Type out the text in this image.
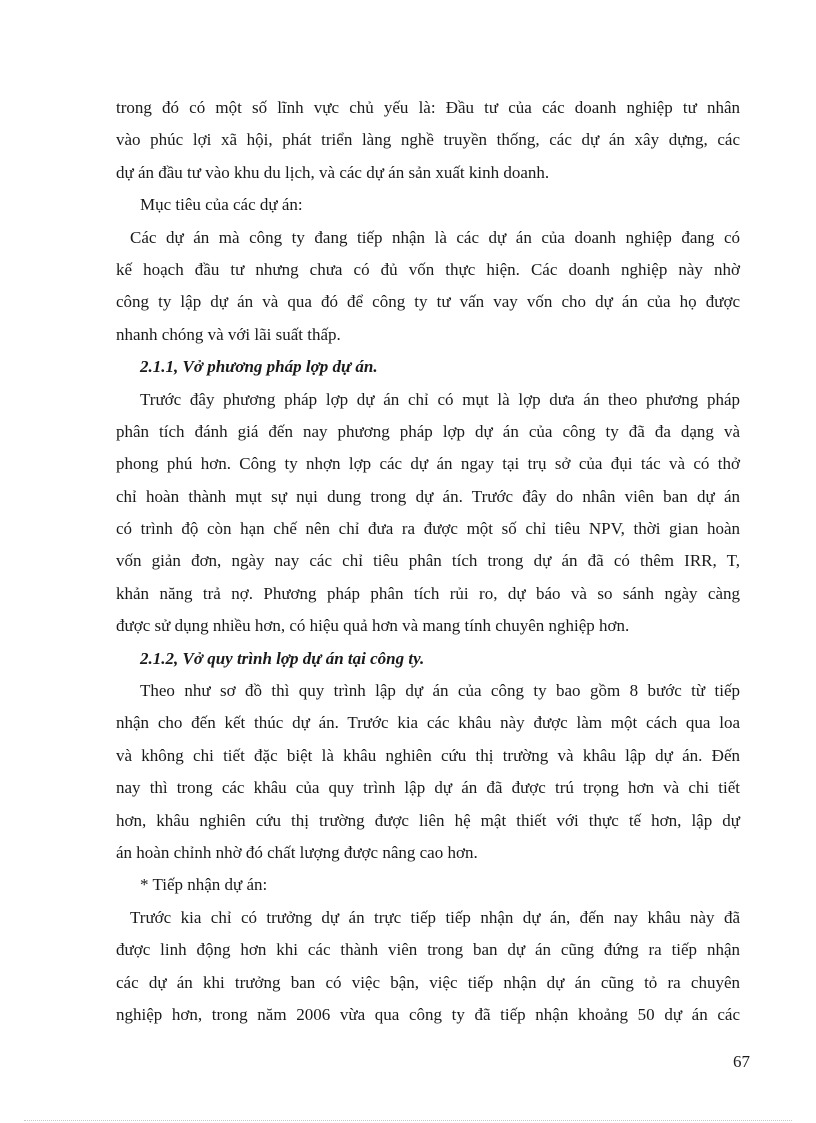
trong đó có một số lĩnh vực chủ yếu là: Đầu tư của các doanh nghiệp tư nhân
vào phúc lợi xã hội, phát triển làng nghề truyền thống, các dự án xây dựng, các
dự án đầu tư vào khu du lịch, và các dự án sản xuất kinh doanh.
Mục tiêu của các dự án:
Các dự án mà công ty đang tiếp nhận là các dự án của doanh nghiệp đang có
kế hoạch đầu tư nhưng chưa có đủ vốn thực hiện. Các doanh nghiệp này nhờ
công ty lập dự án và qua đó để công ty tư vấn vay vốn cho dự án của họ được
nhanh chóng và với lãi suất thấp.
2.1.1, Vở phương pháp lợp dự án.
Trước đây phương pháp lợp dự án chỉ có mụt là lợp dưa án theo phương pháp
phân tích đánh giá đến nay phương pháp lợp dự án của công ty đã đa dạng và
phong phú hơn. Công ty nhợn lợp các dự án ngay tại trụ sở của đụi tác và có thở
chỉ hoàn thành mụt sự nụi dung trong dự án. Trước đây do nhân viên ban dự án
có trình độ còn hạn chế nên chỉ đưa ra được một số chỉ tiêu NPV, thời gian hoàn
vốn giản đơn, ngày nay các chỉ tiêu phân tích trong dự án đã có thêm IRR, T,
khản năng trả nợ. Phương pháp phân tích rủi ro, dự báo và so sánh ngày càng
được sử dụng nhiều hơn, có hiệu quả hơn và mang tính chuyên nghiệp hơn.
2.1.2, Vở quy trình lợp dự án tại công ty.
Theo như sơ đồ thì quy trình lập dự án của công ty bao gồm 8 bước từ tiếp
nhận cho đến kết thúc dự án. Trước kia các khâu này được làm một cách qua loa
và không chi tiết đặc biệt là khâu nghiên cứu thị trường và khâu lập dự án. Đến
nay thì trong các khâu của quy trình lập dự án đã được trú trọng hơn và chi tiết
hơn, khâu nghiên cứu thị trường được liên hệ mật thiết với thực tế hơn, lập dự
án hoàn chỉnh nhờ đó chất lượng được nâng cao hơn.
* Tiếp nhận dự án:
Trước kia chỉ có trưởng dự án trực tiếp tiếp nhận dự án, đến nay khâu này đã
được linh động hơn khi các thành viên trong ban dự án cũng đứng ra tiếp nhận
các dự án khi trưởng ban có việc bận, việc tiếp nhận dự án cũng tỏ ra chuyên
nghiệp hơn, trong năm 2006 vừa qua công ty đã tiếp nhận khoảng 50 dự án các
67
